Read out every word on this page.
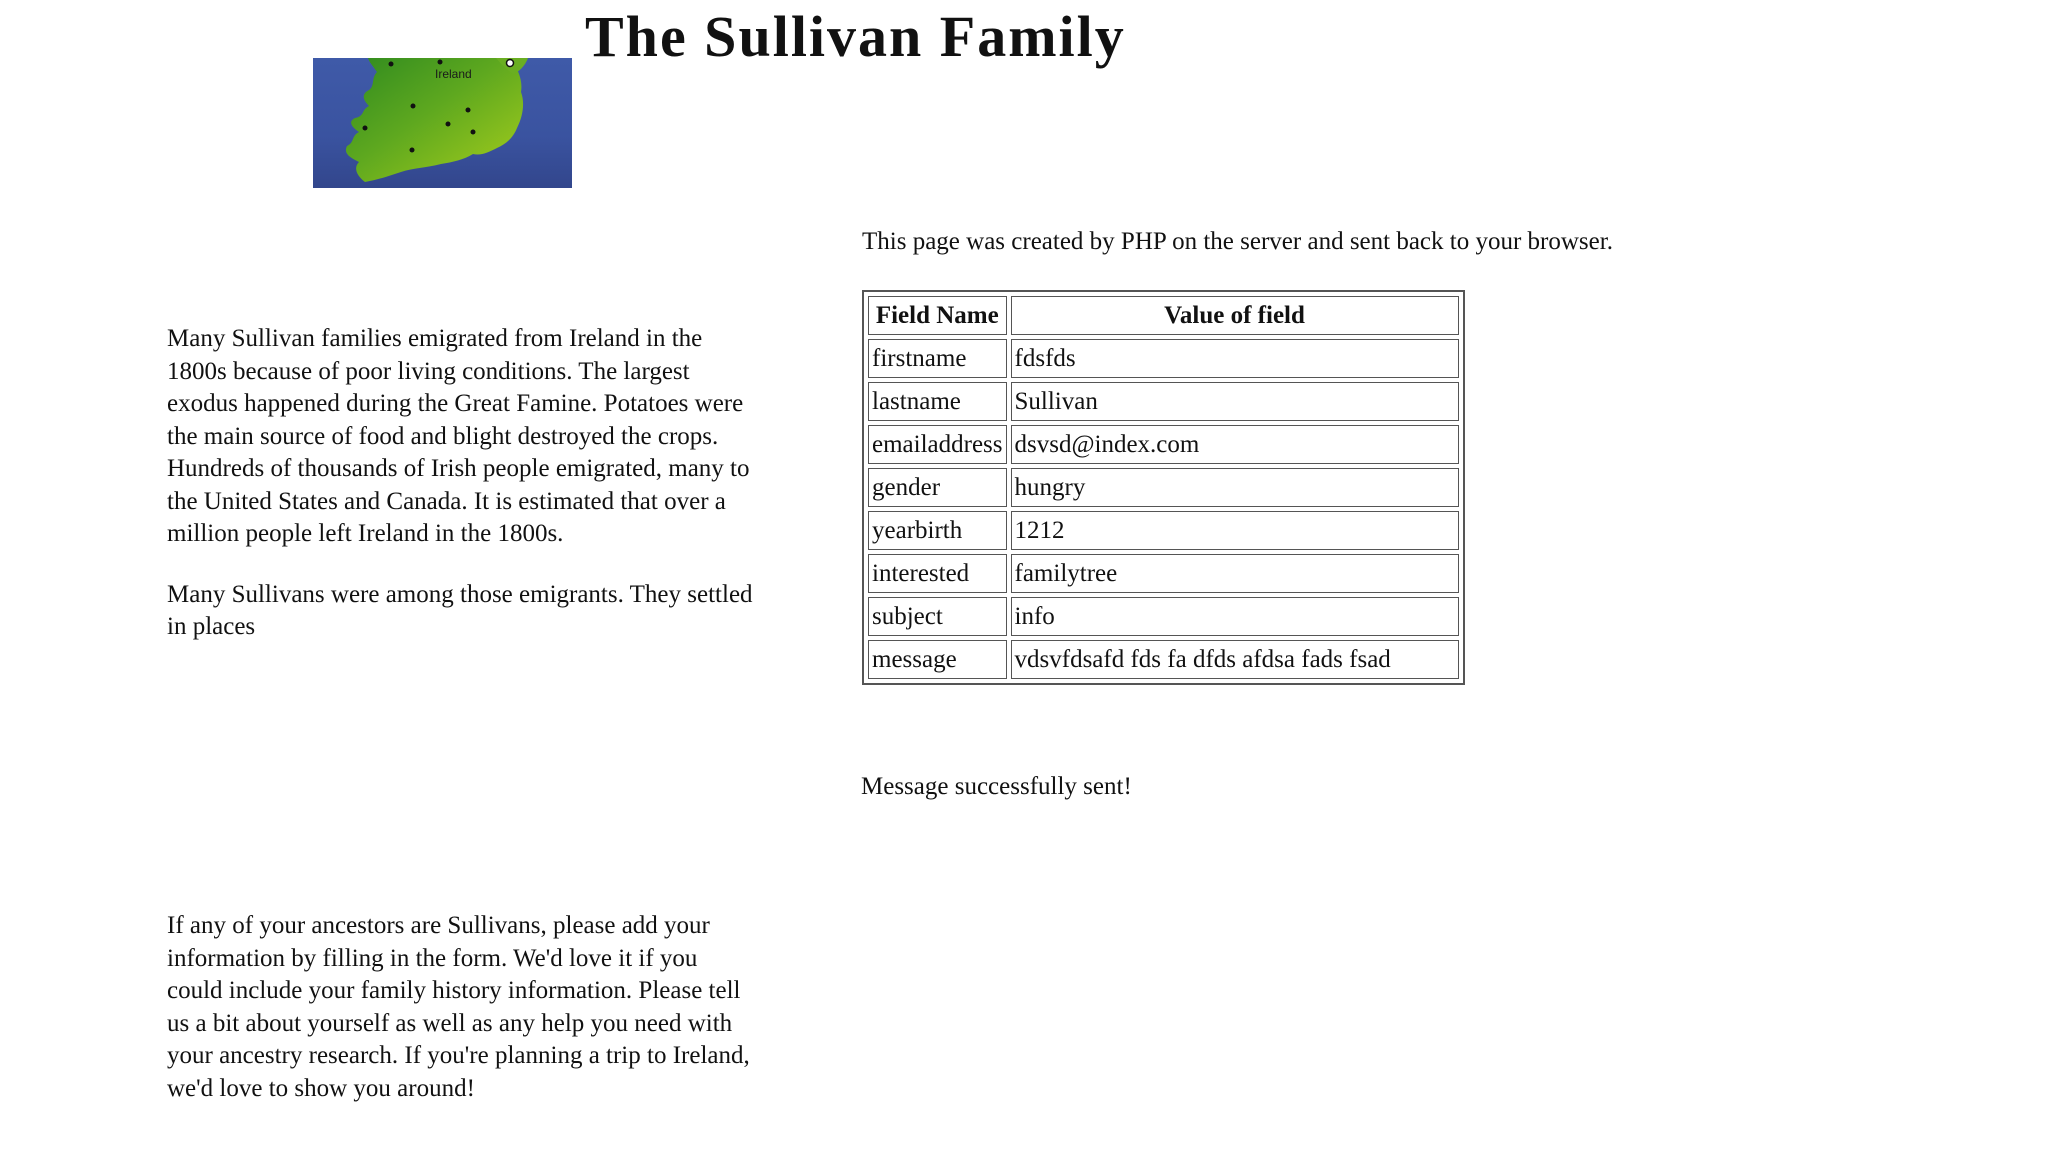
Ireland
The Sullivan Family

Many Sullivan families emigrated from Ireland in the 1800s because of poor living conditions. The largest exodus happened during the Great Famine. Potatoes were the main source of food and blight destroyed the crops. Hundreds of thousands of Irish people emigrated, many to the United States and Canada. It is estimated that over a million people left Ireland in the 1800s.

Many Sullivans were among those emigrants. They settled in places

If any of your ancestors are Sullivans, please add your information by filling in the form. We'd love it if you could include your family history information. Please tell us a bit about yourself as well as any help you need with your ancestry research. If you're planning a trip to Ireland, we'd love to show you around!

This page was created by PHP on the server and sent back to your browser.

Field Name	Value of field
firstname	fdsfds
lastname	Sullivan
emailaddress	dsvsd@index.com
gender	hungry
yearbirth	1212
interested	familytree
subject	info
message	vdsvfdsafd fds fa dfds afdsa fads fsad

Message successfully sent!
